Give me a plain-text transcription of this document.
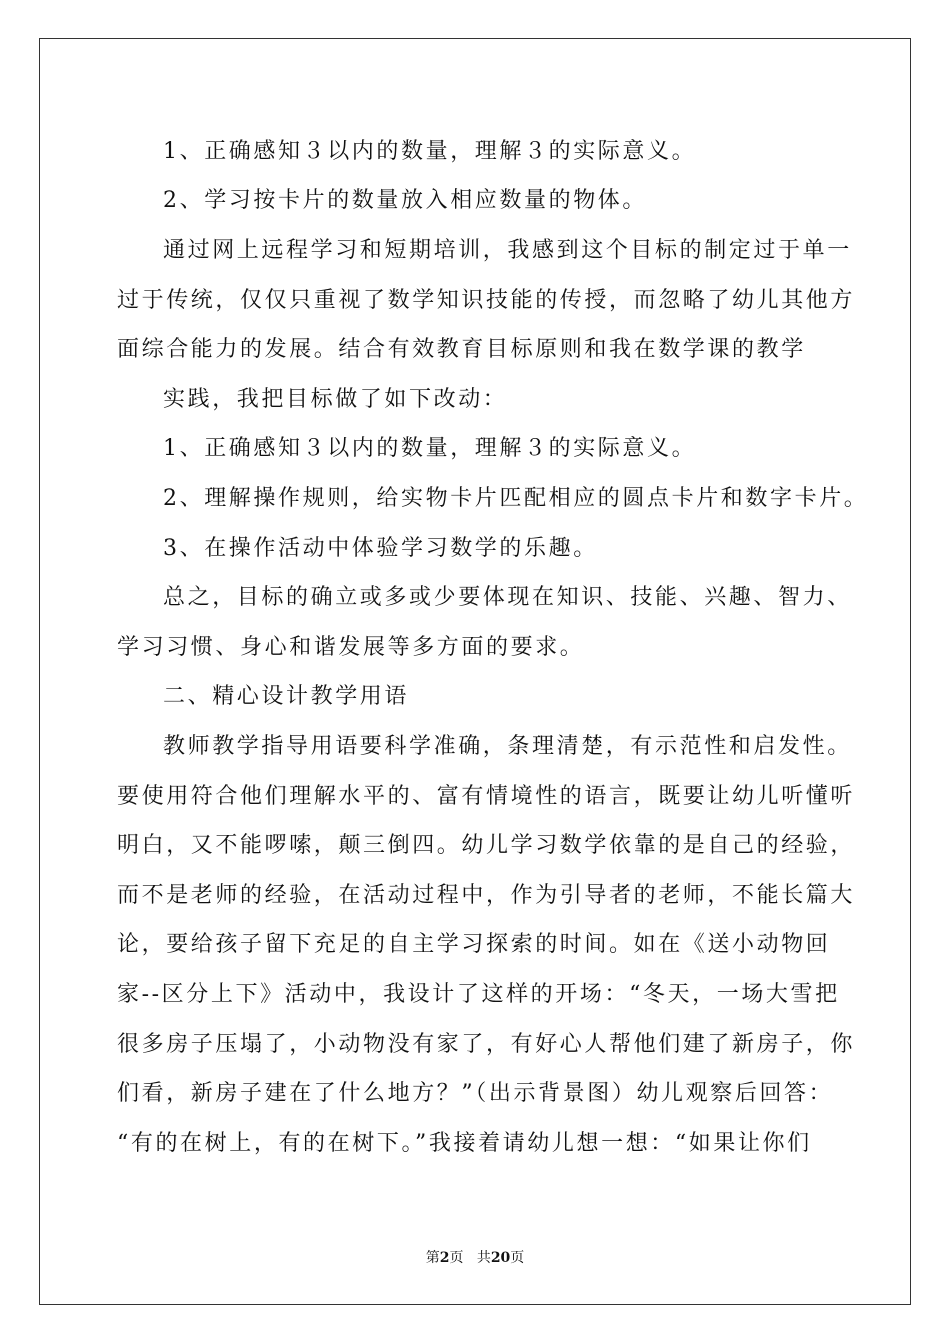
1、正确感知３以内的数量，理解３的实际意义。
2、学习按卡片的数量放入相应数量的物体。
通过网上远程学习和短期培训，我感到这个目标的制定过于单一
过于传统，仅仅只重视了数学知识技能的传授，而忽略了幼儿其他方
面综合能力的发展。结合有效教育目标原则和我在数学课的教学
实践，我把目标做了如下改动：
1、正确感知３以内的数量，理解３的实际意义。
2、理解操作规则，给实物卡片匹配相应的圆点卡片和数字卡片。
3、在操作活动中体验学习数学的乐趣。
总之，目标的确立或多或少要体现在知识、技能、兴趣、智力、
学习习惯、身心和谐发展等多方面的要求。
二、精心设计教学用语
教师教学指导用语要科学准确，条理清楚，有示范性和启发性。
要使用符合他们理解水平的、富有情境性的语言，既要让幼儿听懂听
明白，又不能啰嗦，颠三倒四。幼儿学习数学依靠的是自己的经验，
而不是老师的经验，在活动过程中，作为引导者的老师，不能长篇大
论，要给孩子留下充足的自主学习探索的时间。如在《送小动物回
家--区分上下》活动中，我设计了这样的开场：“冬天，一场大雪把
很多房子压塌了，小动物没有家了，有好心人帮他们建了新房子，你
们看，新房子建在了什么地方？”（出示背景图）幼儿观察后回答：
“有的在树上，有的在树下。”我接着请幼儿想一想：“如果让你们
第2页 共20页
